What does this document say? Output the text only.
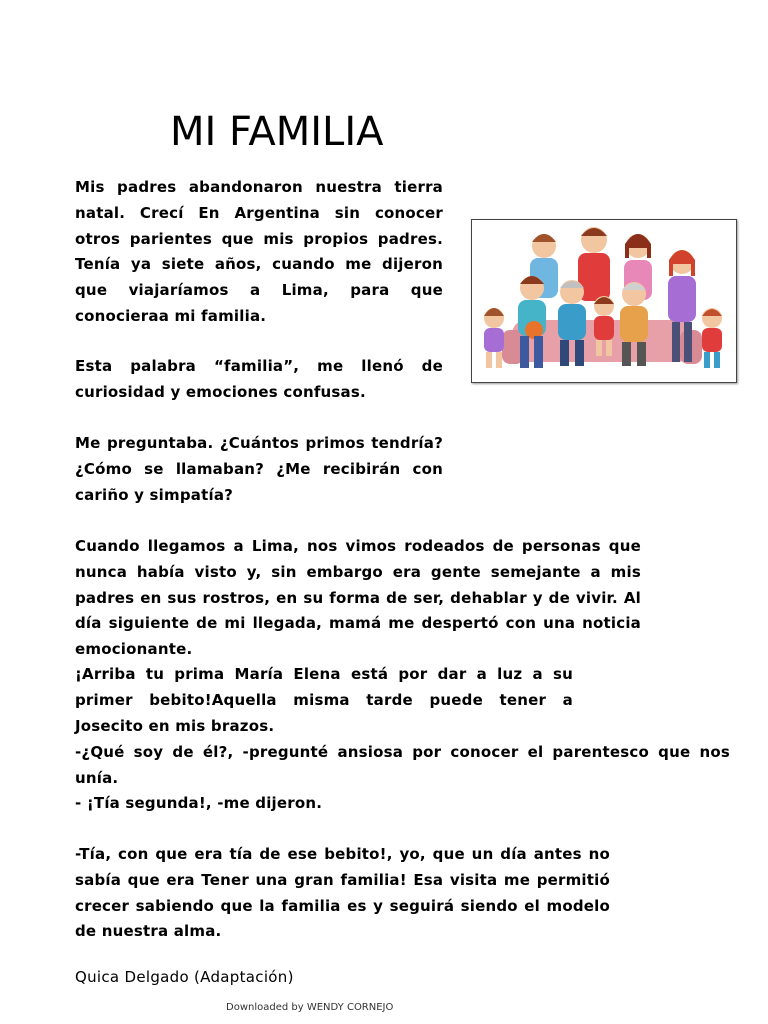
MI FAMILIA

Mis padres abandonaron nuestra tierra natal. Crecí En Argentina sin conocer otros parientes que mis propios padres. Tenía ya siete años, cuando me dijeron que viajaríamos a Lima, para que conocieraa mi familia.

Esta palabra “familia”, me llenó de curiosidad y emociones confusas.

Me preguntaba. ¿Cuántos primos tendría? ¿Cómo se llamaban? ¿Me recibirán con cariño y simpatía?

Cuando llegamos a Lima, nos vimos rodeados de personas que nunca había visto y, sin embargo era gente semejante a mis padres en sus rostros, en su forma de ser, dehablar y de vivir. Al día siguiente de mi llegada, mamá me despertó con una noticia emocionante.

¡Arriba tu prima María Elena está por dar a luz a su primer bebito!Aquella misma tarde puede tener a Josecito en mis brazos.

-¿Qué soy de él?, -pregunté ansiosa por conocer el parentesco que nos unía.

- ¡Tía segunda!, -me dijeron.

-Tía, con que era tía de ese bebito!, yo, que un día antes no sabía que era Tener una gran familia! Esa visita me permitió crecer sabiendo que la familia es y seguirá siendo el modelo de nuestra alma.

Quica Delgado (Adaptación)

Downloaded by WENDY CORNEJO
